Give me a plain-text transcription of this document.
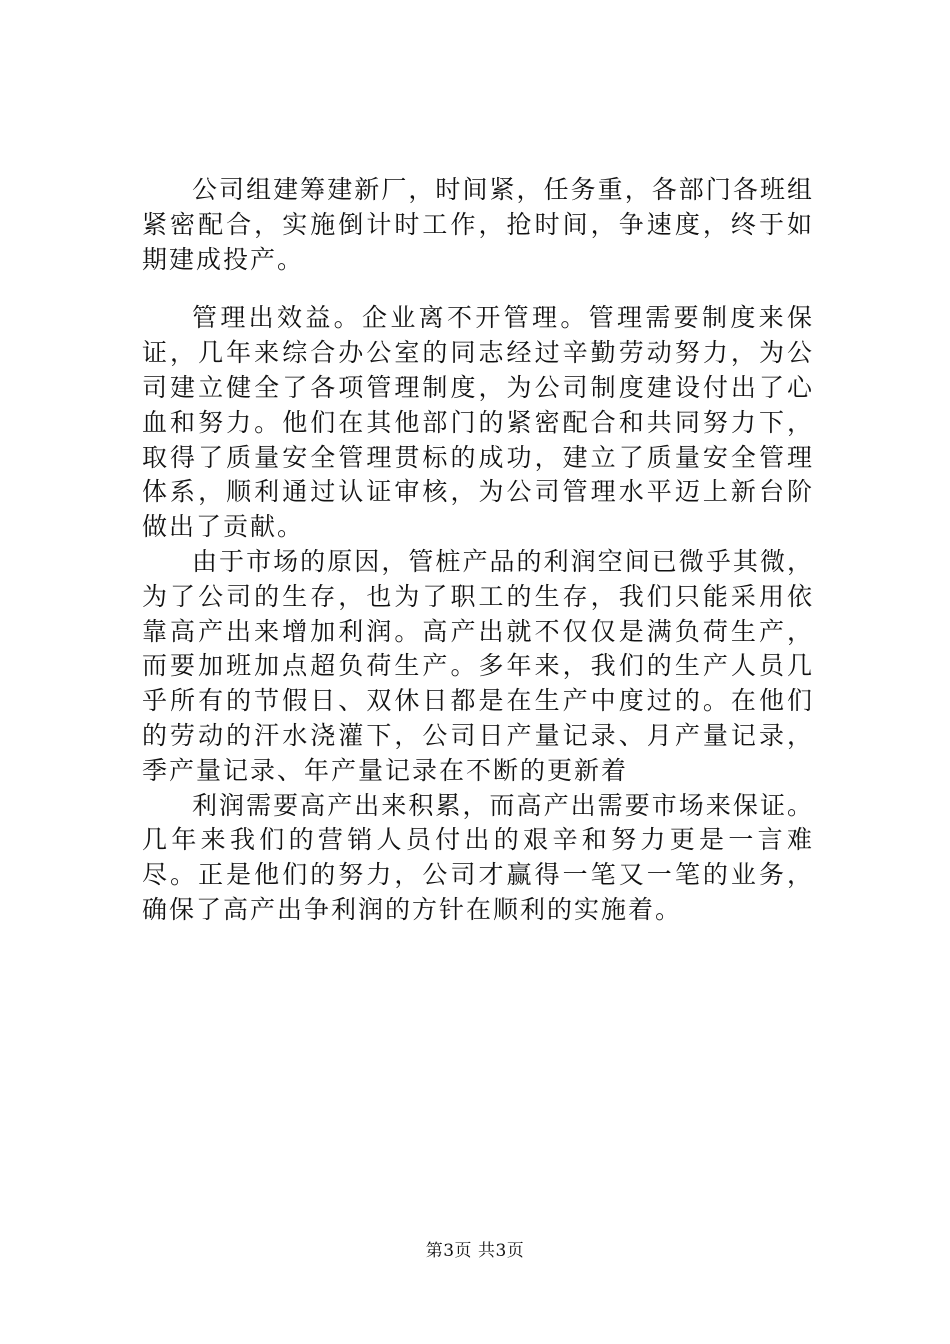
公司组建筹建新厂，时间紧，任务重，各部门各班组紧密配合，实施倒计时工作，抢时间，争速度，终于如期建成投产。

管理出效益。企业离不开管理。管理需要制度来保证，几年来综合办公室的同志经过辛勤劳动努力，为公司建立健全了各项管理制度，为公司制度建设付出了心血和努力。他们在其他部门的紧密配合和共同努力下，取得了质量安全管理贯标的成功，建立了质量安全管理体系，顺利通过认证审核，为公司管理水平迈上新台阶做出了贡献。

由于市场的原因，管桩产品的利润空间已微乎其微，为了公司的生存，也为了职工的生存，我们只能采用依靠高产出来增加利润。高产出就不仅仅是满负荷生产，而要加班加点超负荷生产。多年来，我们的生产人员几乎所有的节假日、双休日都是在生产中度过的。在他们的劳动的汗水浇灌下，公司日产量记录、月产量记录，季产量记录、年产量记录在不断的更新着

利润需要高产出来积累，而高产出需要市场来保证。几年来我们的营销人员付出的艰辛和努力更是一言难尽。正是他们的努力，公司才赢得一笔又一笔的业务，确保了高产出争利润的方针在顺利的实施着。

第3页 共3页
